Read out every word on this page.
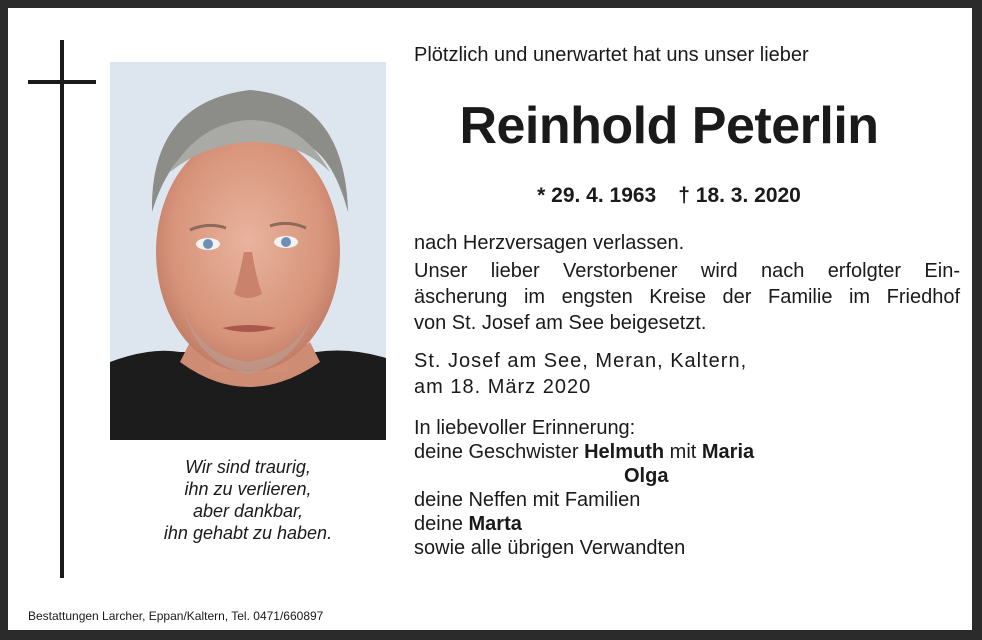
Wir sind traurig,
ihn zu verlieren,
aber dankbar,
ihn gehabt zu haben.
Plötzlich und unerwartet hat uns unser lieber
Reinhold Peterlin
* 29. 4. 1963 † 18. 3. 2020
nach Herzversagen verlassen.
Unser lieber Verstorbener wird nach erfolgter Ein-
äscherung im engsten Kreise der Familie im Friedhof
von St. Josef am See beigesetzt.
St. Josef am See, Meran, Kaltern,
am 18. März 2020
In liebevoller Erinnerung:
deine Geschwister Helmuth mit Maria
Olga
deine Neffen mit Familien
deine Marta
sowie alle übrigen Verwandten
Bestattungen Larcher, Eppan/Kaltern, Tel. 0471/660897
